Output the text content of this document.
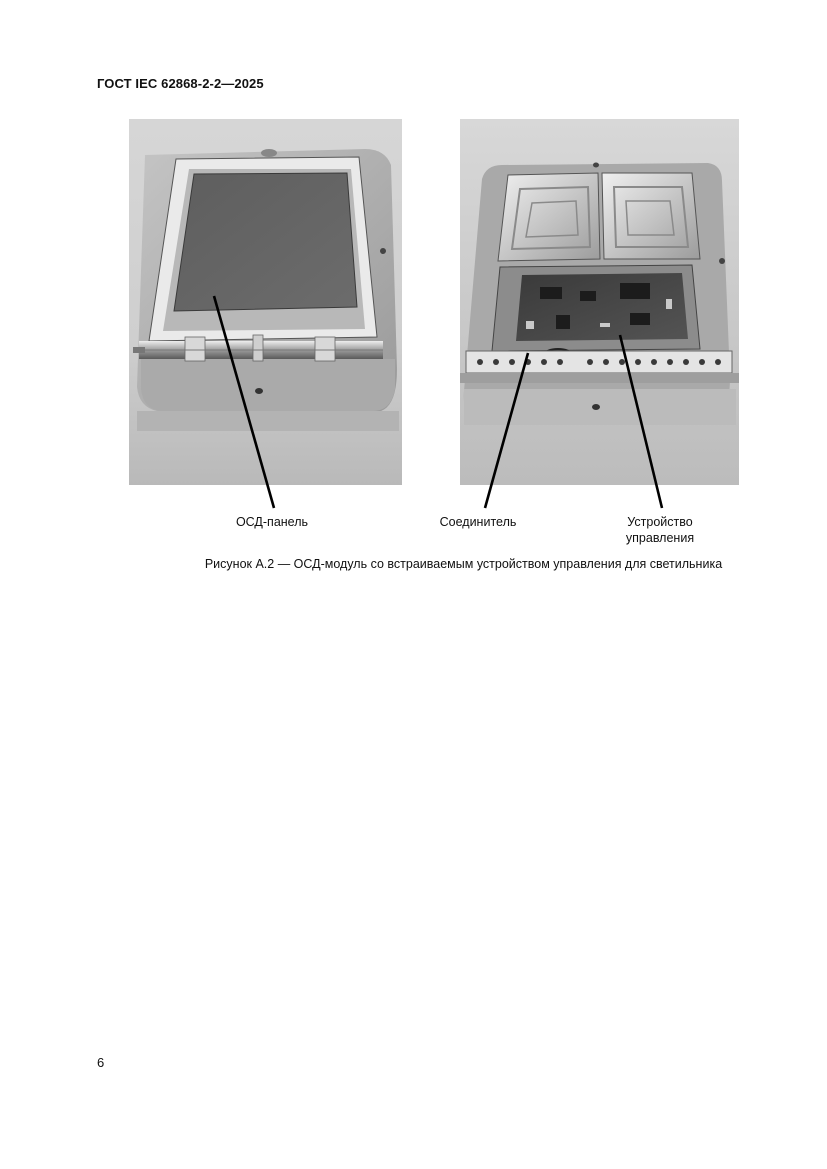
ГОСТ IEC 62868-2-2—2025
ОСД-панель	Соединитель	Устройство
управления
Рисунок А.2 — ОСД-модуль со встраиваемым устройством управления для светильника
6
